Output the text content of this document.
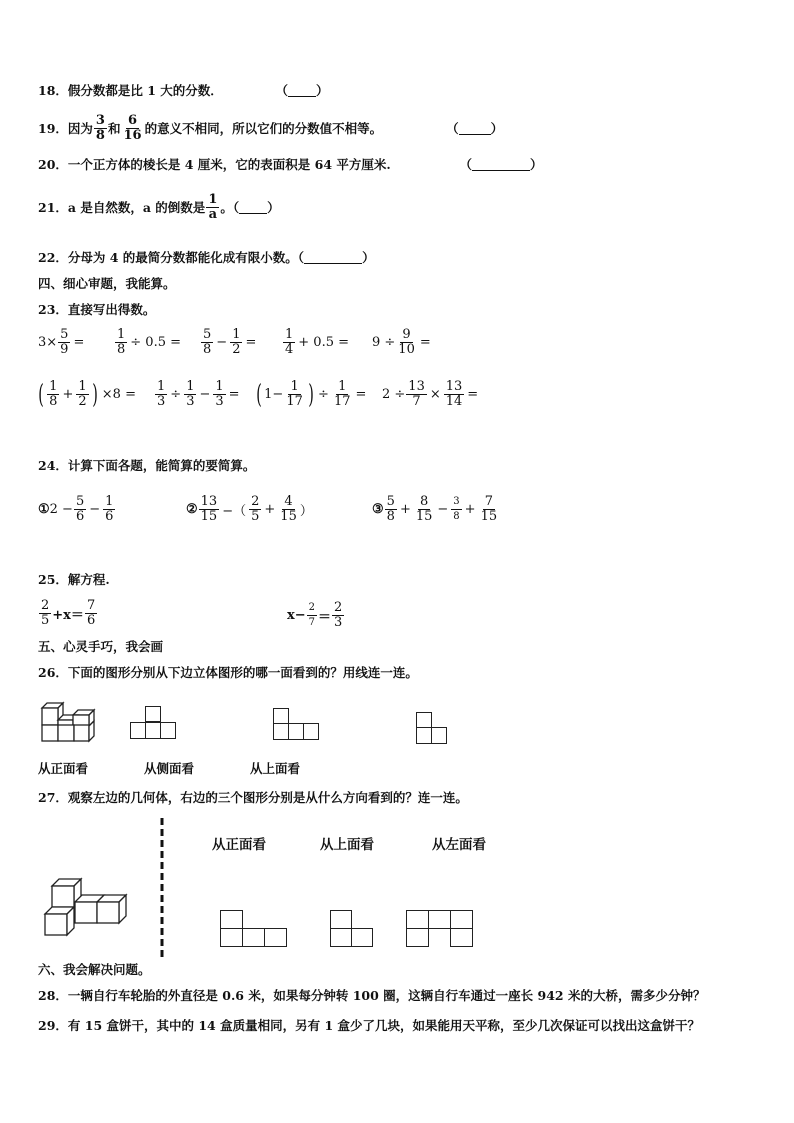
18．假分数都是比 1 大的分数．	（ ）
19． 因为 $\frac{3}{8}$ 和 $\frac{6}{16}$ 的意义不相同，所以它们的分数值不相等。	（	）
20．一个正方体的棱长是 4 厘米，它的表面积是 64 平方厘米.	（	）
21． a 是自然数，a 的倒数是 $\frac{1}{a}$ 。（ ）
22．分母为 4 的最简分数都能化成有限小数。（	）
四、细心审题，我能算。
23．直接写出得数。
$3\times \frac{5}{9} = \frac{1}{8} \div 0.5 = \frac{5}{8} - \frac{1}{2} = \frac{1}{4} + 0.5 = 9 \div \frac{9}{10}$ =
( $\frac{1}{8} + \frac{1}{2}$ ) $\times 8 = \frac{1}{3} \div \frac{1}{3} - \frac{1}{3}$ = ( $1- \frac{1}{17}$ ) ÷ $\frac{1}{17} = 2 \div \frac{13}{7} \times \frac{13}{14}$ =
24．计算下面各题，能简算的要简算。
① $2 - \frac{5}{6} - \frac{1}{6}$	② $\frac{13}{15}$ −（ $\frac{2}{5} + \frac{4}{15}$ ）	③ $\frac{5}{8} + \frac{8}{15} - \frac{3}{8} + \frac{7}{15}$
25．解方程.
$\frac{2}{5} +x= \frac{7}{6}$	$x- \frac{2}{7} = \frac{2}{3}$
五、心灵手巧，我会画
26．下面的图形分别从下边立体图形的哪一面看到的？用线连一连。
从正面看	从侧面看	从上面看
27．观察左边的几何体，右边的三个图形分别是从什么方向看到的？连一连。
从正面看	从上面看	从左面看
六、我会解决问题。
28．一辆自行车轮胎的外直径是 0.6 米，如果每分钟转 100 圈，这辆自行车通过一座长 942 米的大桥，需多少分钟？
29．有 15 盒饼干，其中的 14 盒质量相同，另有 1 盒少了几块，如果能用天平称，至少几次保证可以找出这盒饼干？
